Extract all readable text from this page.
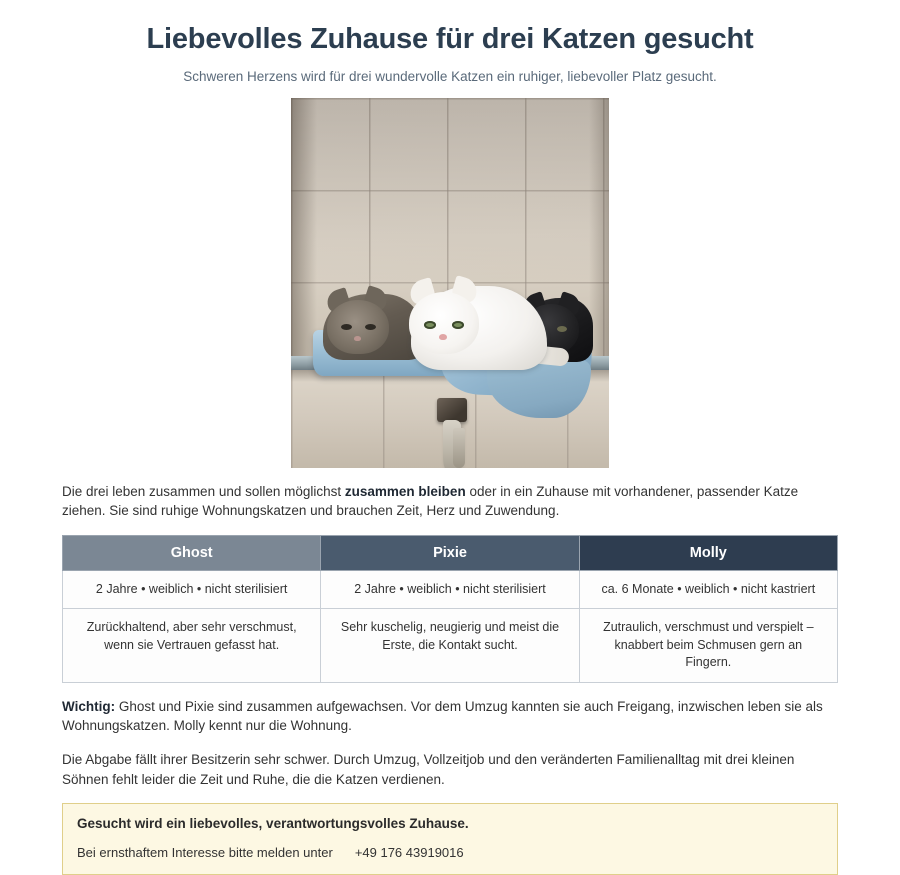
Liebevolles Zuhause für drei Katzen gesucht
Schweren Herzens wird für drei wundervolle Katzen ein ruhiger, liebevoller Platz gesucht.

Die drei leben zusammen und sollen möglichst zusammen bleiben oder in ein Zuhause mit vorhandener, passender Katze ziehen. Sie sind ruhige Wohnungskatzen und brauchen Zeit, Herz und Zuwendung.

Ghost	Pixie	Molly
2 Jahre • weiblich • nicht sterilisiert	2 Jahre • weiblich • nicht sterilisiert	ca. 6 Monate • weiblich • nicht kastriert
Zurückhaltend, aber sehr verschmust, wenn sie Vertrauen gefasst hat.	Sehr kuschelig, neugierig und meist die Erste, die Kontakt sucht.	Zutraulich, verschmust und verspielt – knabbert beim Schmusen gern an Fingern.

Wichtig: Ghost und Pixie sind zusammen aufgewachsen. Vor dem Umzug kannten sie auch Freigang, inzwischen leben sie als Wohnungskatzen. Molly kennt nur die Wohnung.

Die Abgabe fällt ihrer Besitzerin sehr schwer. Durch Umzug, Vollzeitjob und den veränderten Familienalltag mit drei kleinen Söhnen fehlt leider die Zeit und Ruhe, die die Katzen verdienen.

Gesucht wird ein liebevolles, verantwortungsvolles Zuhause.

Bei ernsthaftem Interesse bitte melden unter +49 176 43919016
